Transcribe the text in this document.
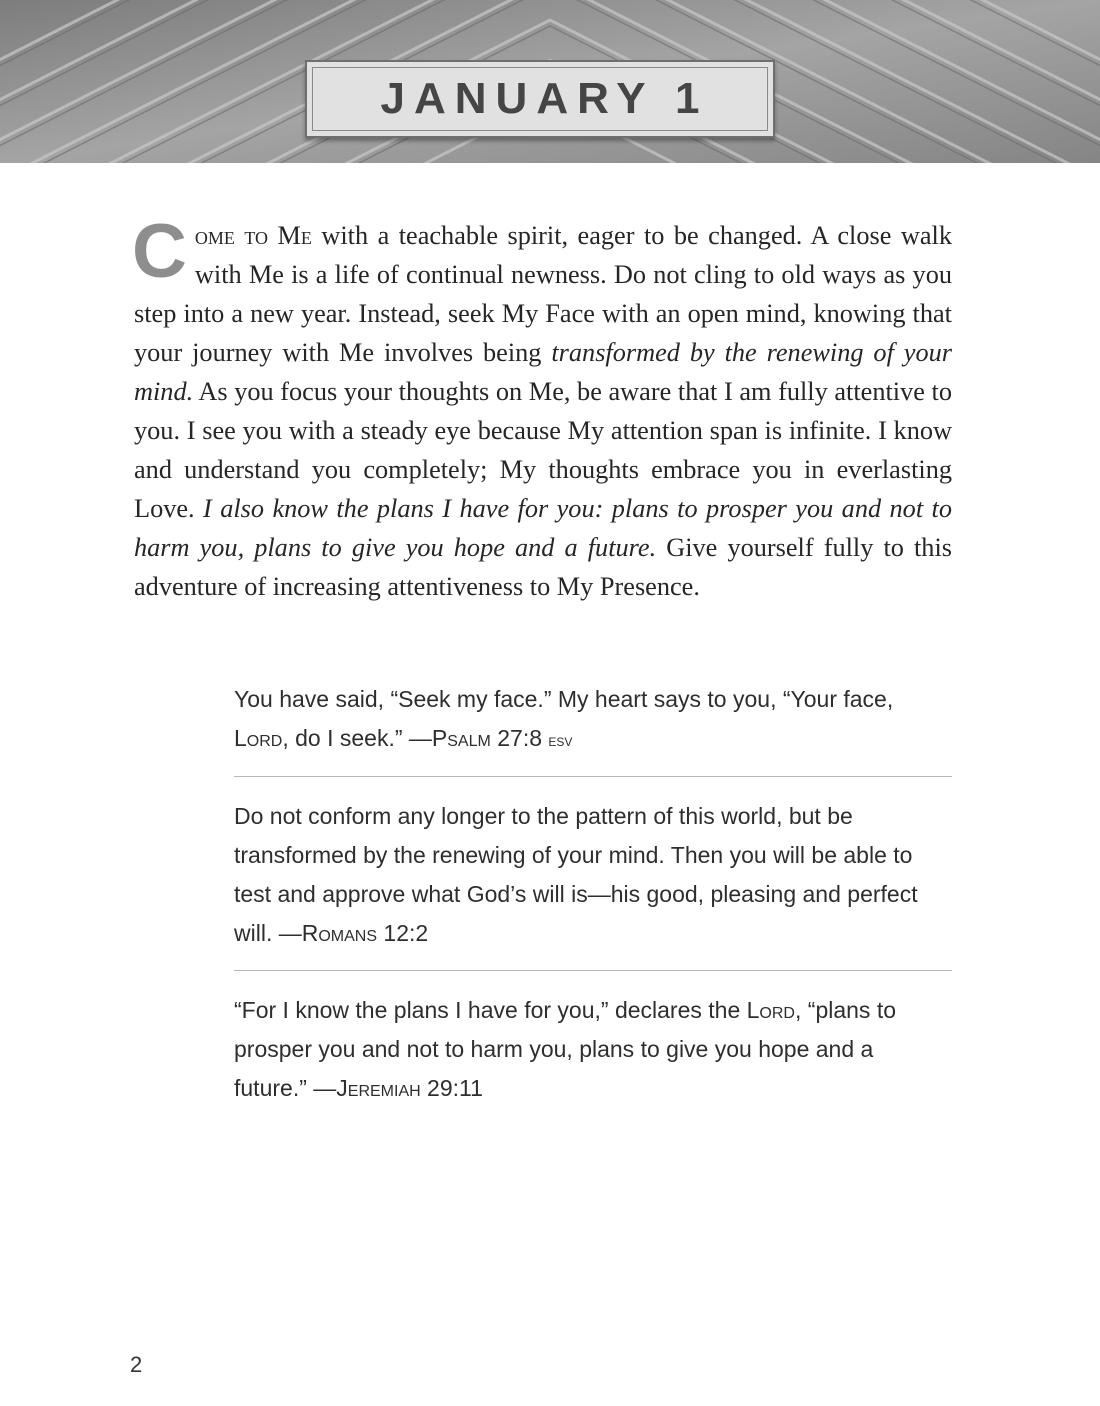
JANUARY 1

Come to Me with a teachable spirit, eager to be changed. A close walk with Me is a life of continual newness. Do not cling to old ways as you step into a new year. Instead, seek My Face with an open mind, knowing that your journey with Me involves being transformed by the renewing of your mind. As you focus your thoughts on Me, be aware that I am fully attentive to you. I see you with a steady eye because My attention span is infinite. I know and understand you completely; My thoughts embrace you in everlasting Love. I also know the plans I have for you: plans to prosper you and not to harm you, plans to give you hope and a future. Give yourself fully to this adventure of increasing attentiveness to My Presence.

You have said, “Seek my face.” My heart says to you, “Your face, Lord, do I seek.” —Psalm 27:8 esv

Do not conform any longer to the pattern of this world, but be transformed by the renewing of your mind. Then you will be able to test and approve what God’s will is—his good, pleasing and perfect will. —Romans 12:2

“For I know the plans I have for you,” declares the Lord, “plans to prosper you and not to harm you, plans to give you hope and a future.” —Jeremiah 29:11

2
